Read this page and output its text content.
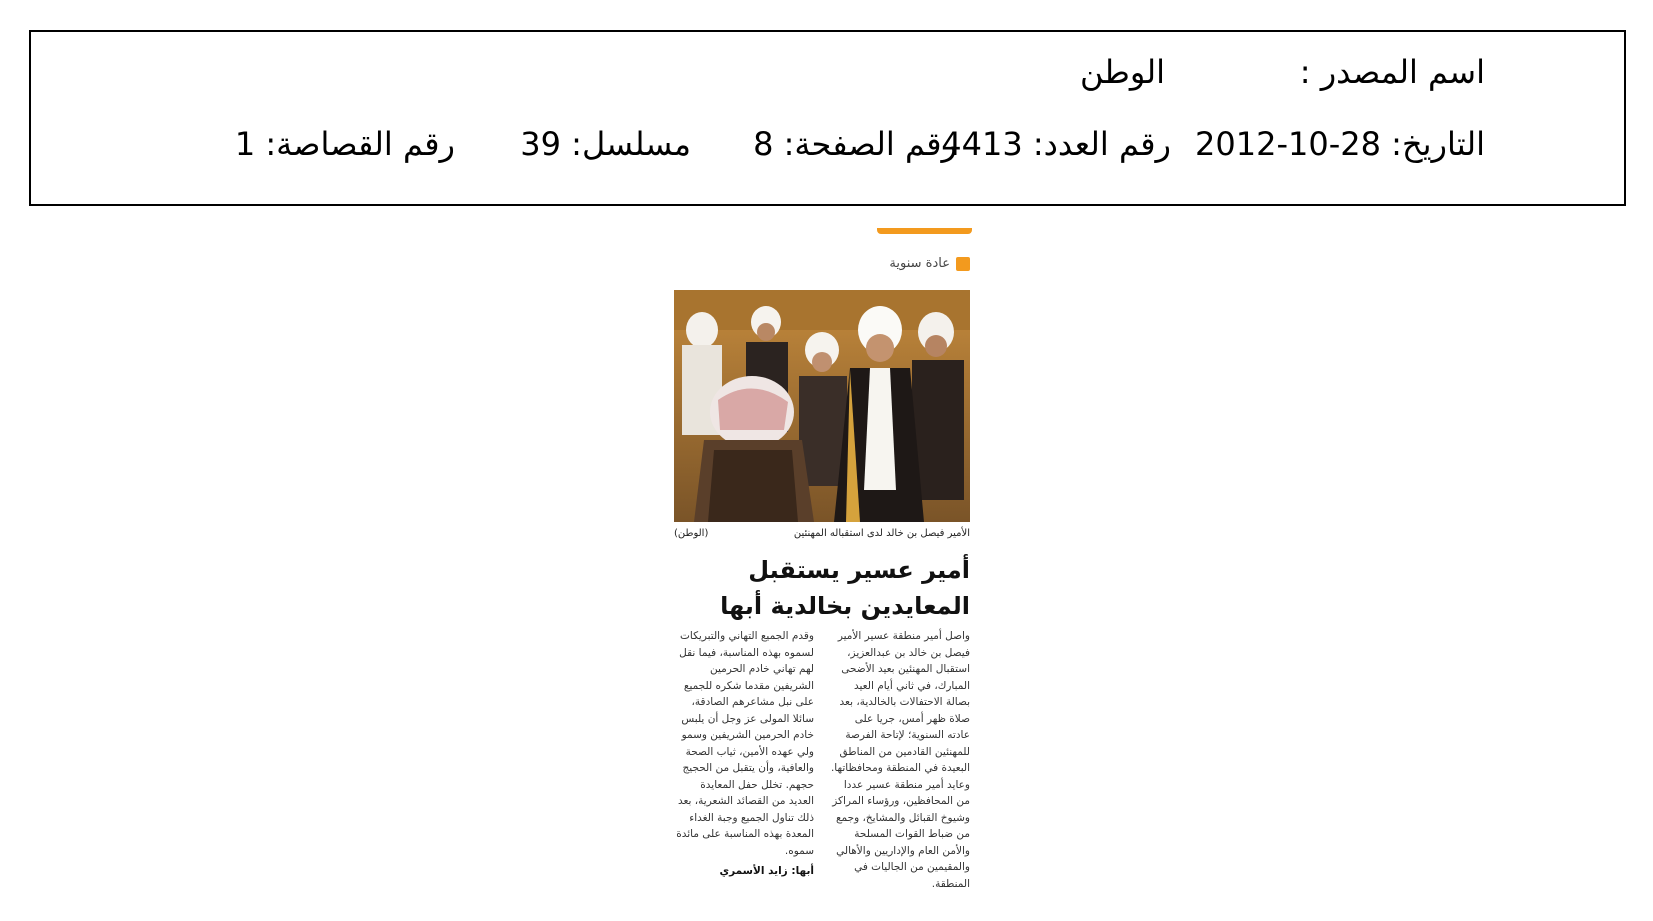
اسم المصدر :
الوطن
التاريخ: 28-10-2012
رقم العدد: 4413
رقم الصفحة: 8
مسلسل: 39
رقم القصاصة: 1
عادة سنوية
الأمير فيصل بن خالد لدى استقباله المهنئين
(الوطن)
أمير عسير يستقبل المعايدين بخالدية أبها
واصل أمير منطقة عسير الأمير فيصل بن خالد بن عبدالعزيز، استقبال المهنئين بعيد الأضحى المبارك، في ثاني أيام العيد بصالة الاحتفالات بالخالدية، بعد صلاة ظهر أمس، جريا على عادته السنوية؛ لإتاحة الفرصة للمهنئين القادمين من المناطق البعيدة في المنطقة ومحافظاتها. وعايد أمير منطقة عسير عددا من المحافظين، ورؤساء المراكز وشيوخ القبائل والمشايخ، وجمع من ضباط القوات المسلحة والأمن العام والإداريين والأهالي والمقيمين من الجاليات في المنطقة.
وقدم الجميع التهاني والتبريكات لسموه بهذه المناسبة، فيما نقل لهم تهاني خادم الحرمين الشريفين مقدما شكره للجميع على نبل مشاعرهم الصادقة، سائلا المولى عز وجل أن يلبس خادم الحرمين الشريفين وسمو ولي عهده الأمين، ثياب الصحة والعافية، وأن يتقبل من الحجيج حجهم. تخلل حفل المعايدة العديد من القصائد الشعرية، بعد ذلك تناول الجميع وجبة الغداء المعدة بهذه المناسبة على مائدة سموه.
أبها: زايد الأسمري
